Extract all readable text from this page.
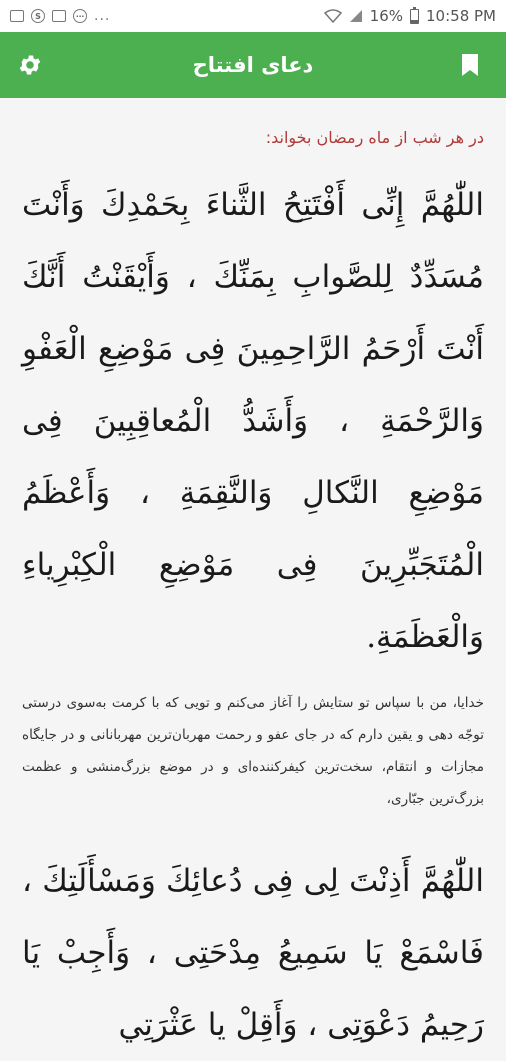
S	⋯ ...	16% 10:58 PM
دعای افتتاح
در هر شب از ماه رمضان بخواند:
اللّٰهُمَّ إِنِّى أَفْتَتِحُ الثَّناءَ بِحَمْدِكَ وَأَنْتَ مُسَدِّدٌ لِلصَّوابِ بِمَنِّكَ ، وَأَيْقَنْتُ أَنَّكَ أَنْتَ أَرْحَمُ الرَّاحِمِينَ فِى مَوْضِعِ الْعَفْوِ وَالرَّحْمَةِ ، وَأَشَدُّ الْمُعاقِبِينَ فِى مَوْضِعِ النَّكالِ وَالنَّقِمَةِ ، وَأَعْظَمُ الْمُتَجَبِّرِينَ فِى مَوْضِعِ الْكِبْرِياءِ وَالْعَظَمَةِ.
خدایا، من با سپاس تو ستایش را آغاز می‌کنم و تویی که با کرمت به‌سوی درستی توجّه دهی و یقین دارم که در جای عفو و رحمت مهربان‌ترین مهربانانی و در جایگاه مجازات و انتقام، سخت‌ترین کیفرکننده‌ای و در موضع بزرگ‌منشی و عظمت بزرگ‌ترین جبّاری،
اللّٰهُمَّ أَذِنْتَ لِى فِى دُعائِكَ وَمَسْأَلَتِكَ ، فَاسْمَعْ يَا سَمِيعُ مِدْحَتِى ، وَأَجِبْ يَا رَحِيمُ دَعْوَتِى ، وَأَقِلْ يا عَثْرَتِي
